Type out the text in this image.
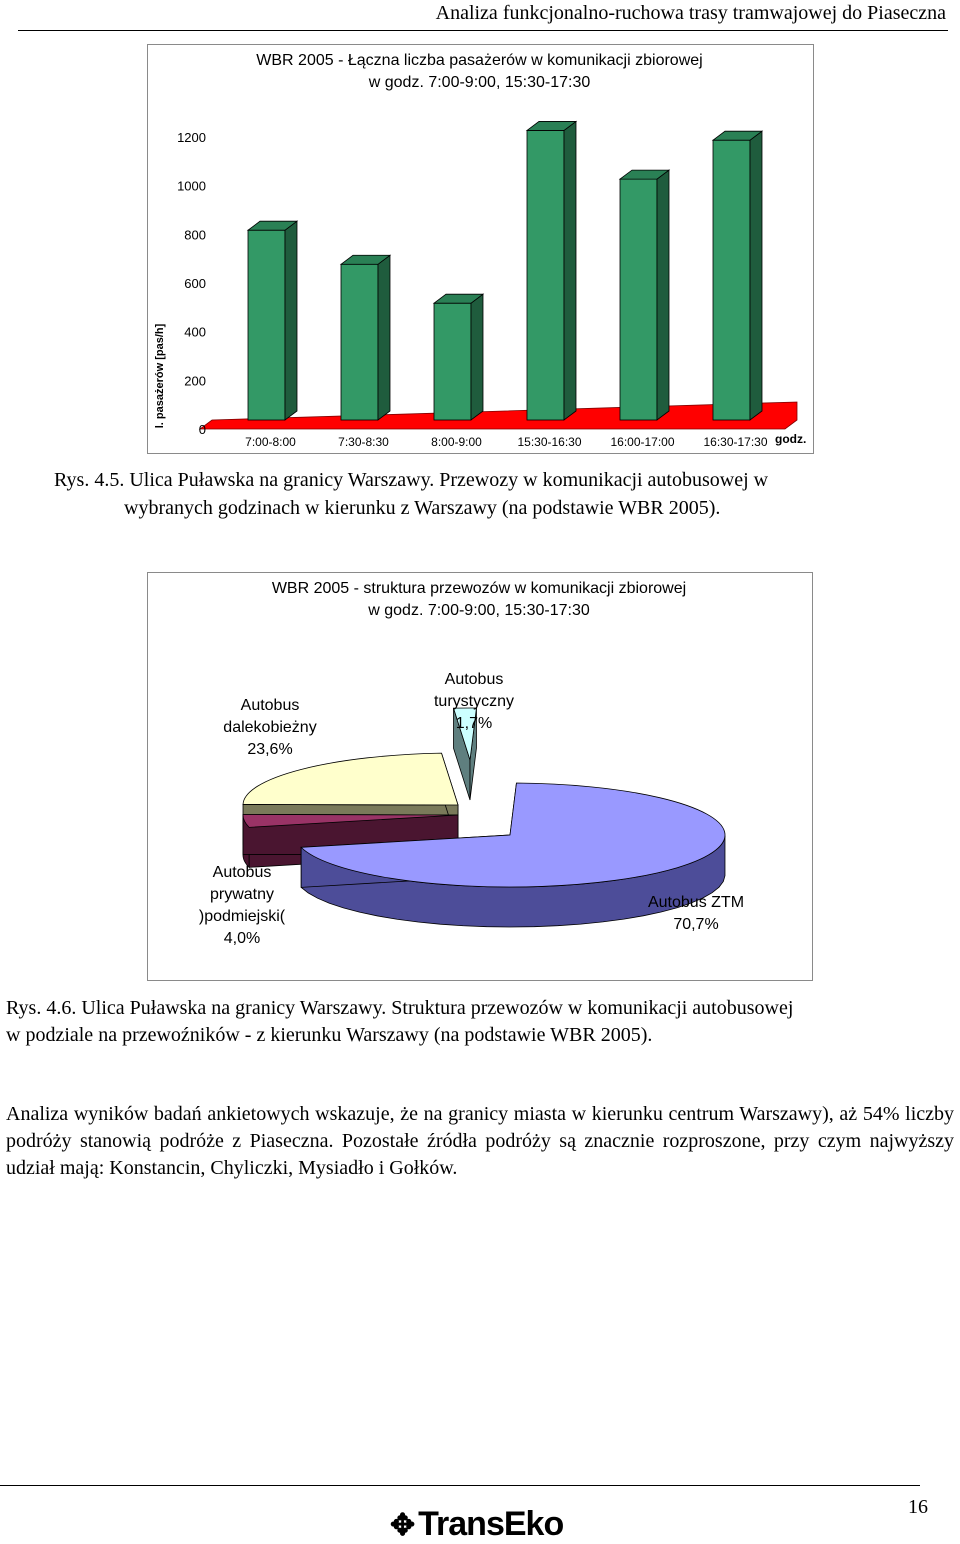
Analiza funkcjonalno-ruchowa trasy tramwajowej do Piaseczna
WBR 2005 - Łączna liczba pasażerów w komunikacji zbiorowej
w godz. 7:00-9:00, 15:30-17:30
1200
1000
800
600
400
200
0
7:00-8:00	7:30-8:30	8:00-9:00	15:30-16:30 16:00-17:00 16:30-17:30
l. pasażerów [pas/h]
godz.
Rys. 4.5. Ulica Puławska na granicy Warszawy. Przewozy w komunikacji autobusowej w
wybranych godzinach w kierunku z Warszawy (na podstawie WBR 2005).
WBR 2005 - struktura przewozów w komunikacji zbiorowej
w godz. 7:00-9:00, 15:30-17:30
Autobus dalekobieżny
23,6%
Autobus turystyczny
1,7%
Autobus prywatny )podmiejski(
4,0%
Autobus ZTM
70,7%
Rys. 4.6. Ulica Puławska na granicy Warszawy. Struktura przewozów w komunikacji autobusowej
w podziale na przewoźników - z kierunku Warszawy (na podstawie WBR 2005).
Analiza wyników badań ankietowych wskazuje, że na granicy miasta w kierunku centrum Warszawy), aż 54% liczby podróży stanowią podróże z Piaseczna. Pozostałe źródła podróży są znacznie rozproszone, przy czym najwyższy udział mają: Konstancin, Chyliczki, Mysiadło i Gołków.
✥ TransEko	16
